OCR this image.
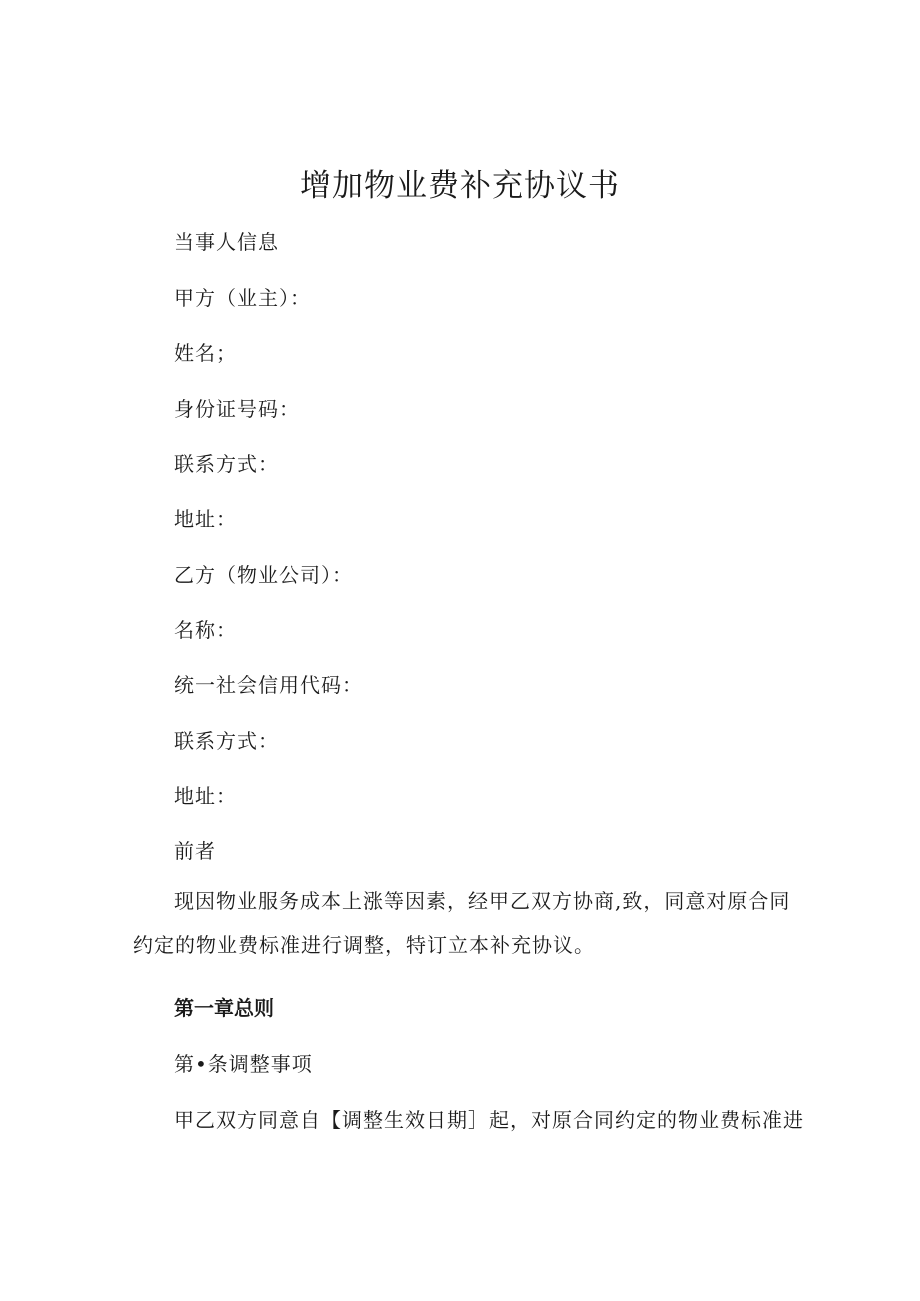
增加物业费补充协议书

当事人信息

甲方（业主）：

姓名；

身份证号码：

联系方式：

地址：

乙方（物业公司）：

名称：

统一社会信用代码：

联系方式：

地址：

前者

现因物业服务成本上涨等因素，经甲乙双方协商,致，同意对原合同约定的物业费标准进行调整，特订立本补充协议。

第一章总则

第•条调整事项

甲乙双方同意自【调整生效日期］起，对原合同约定的物业费标准进
